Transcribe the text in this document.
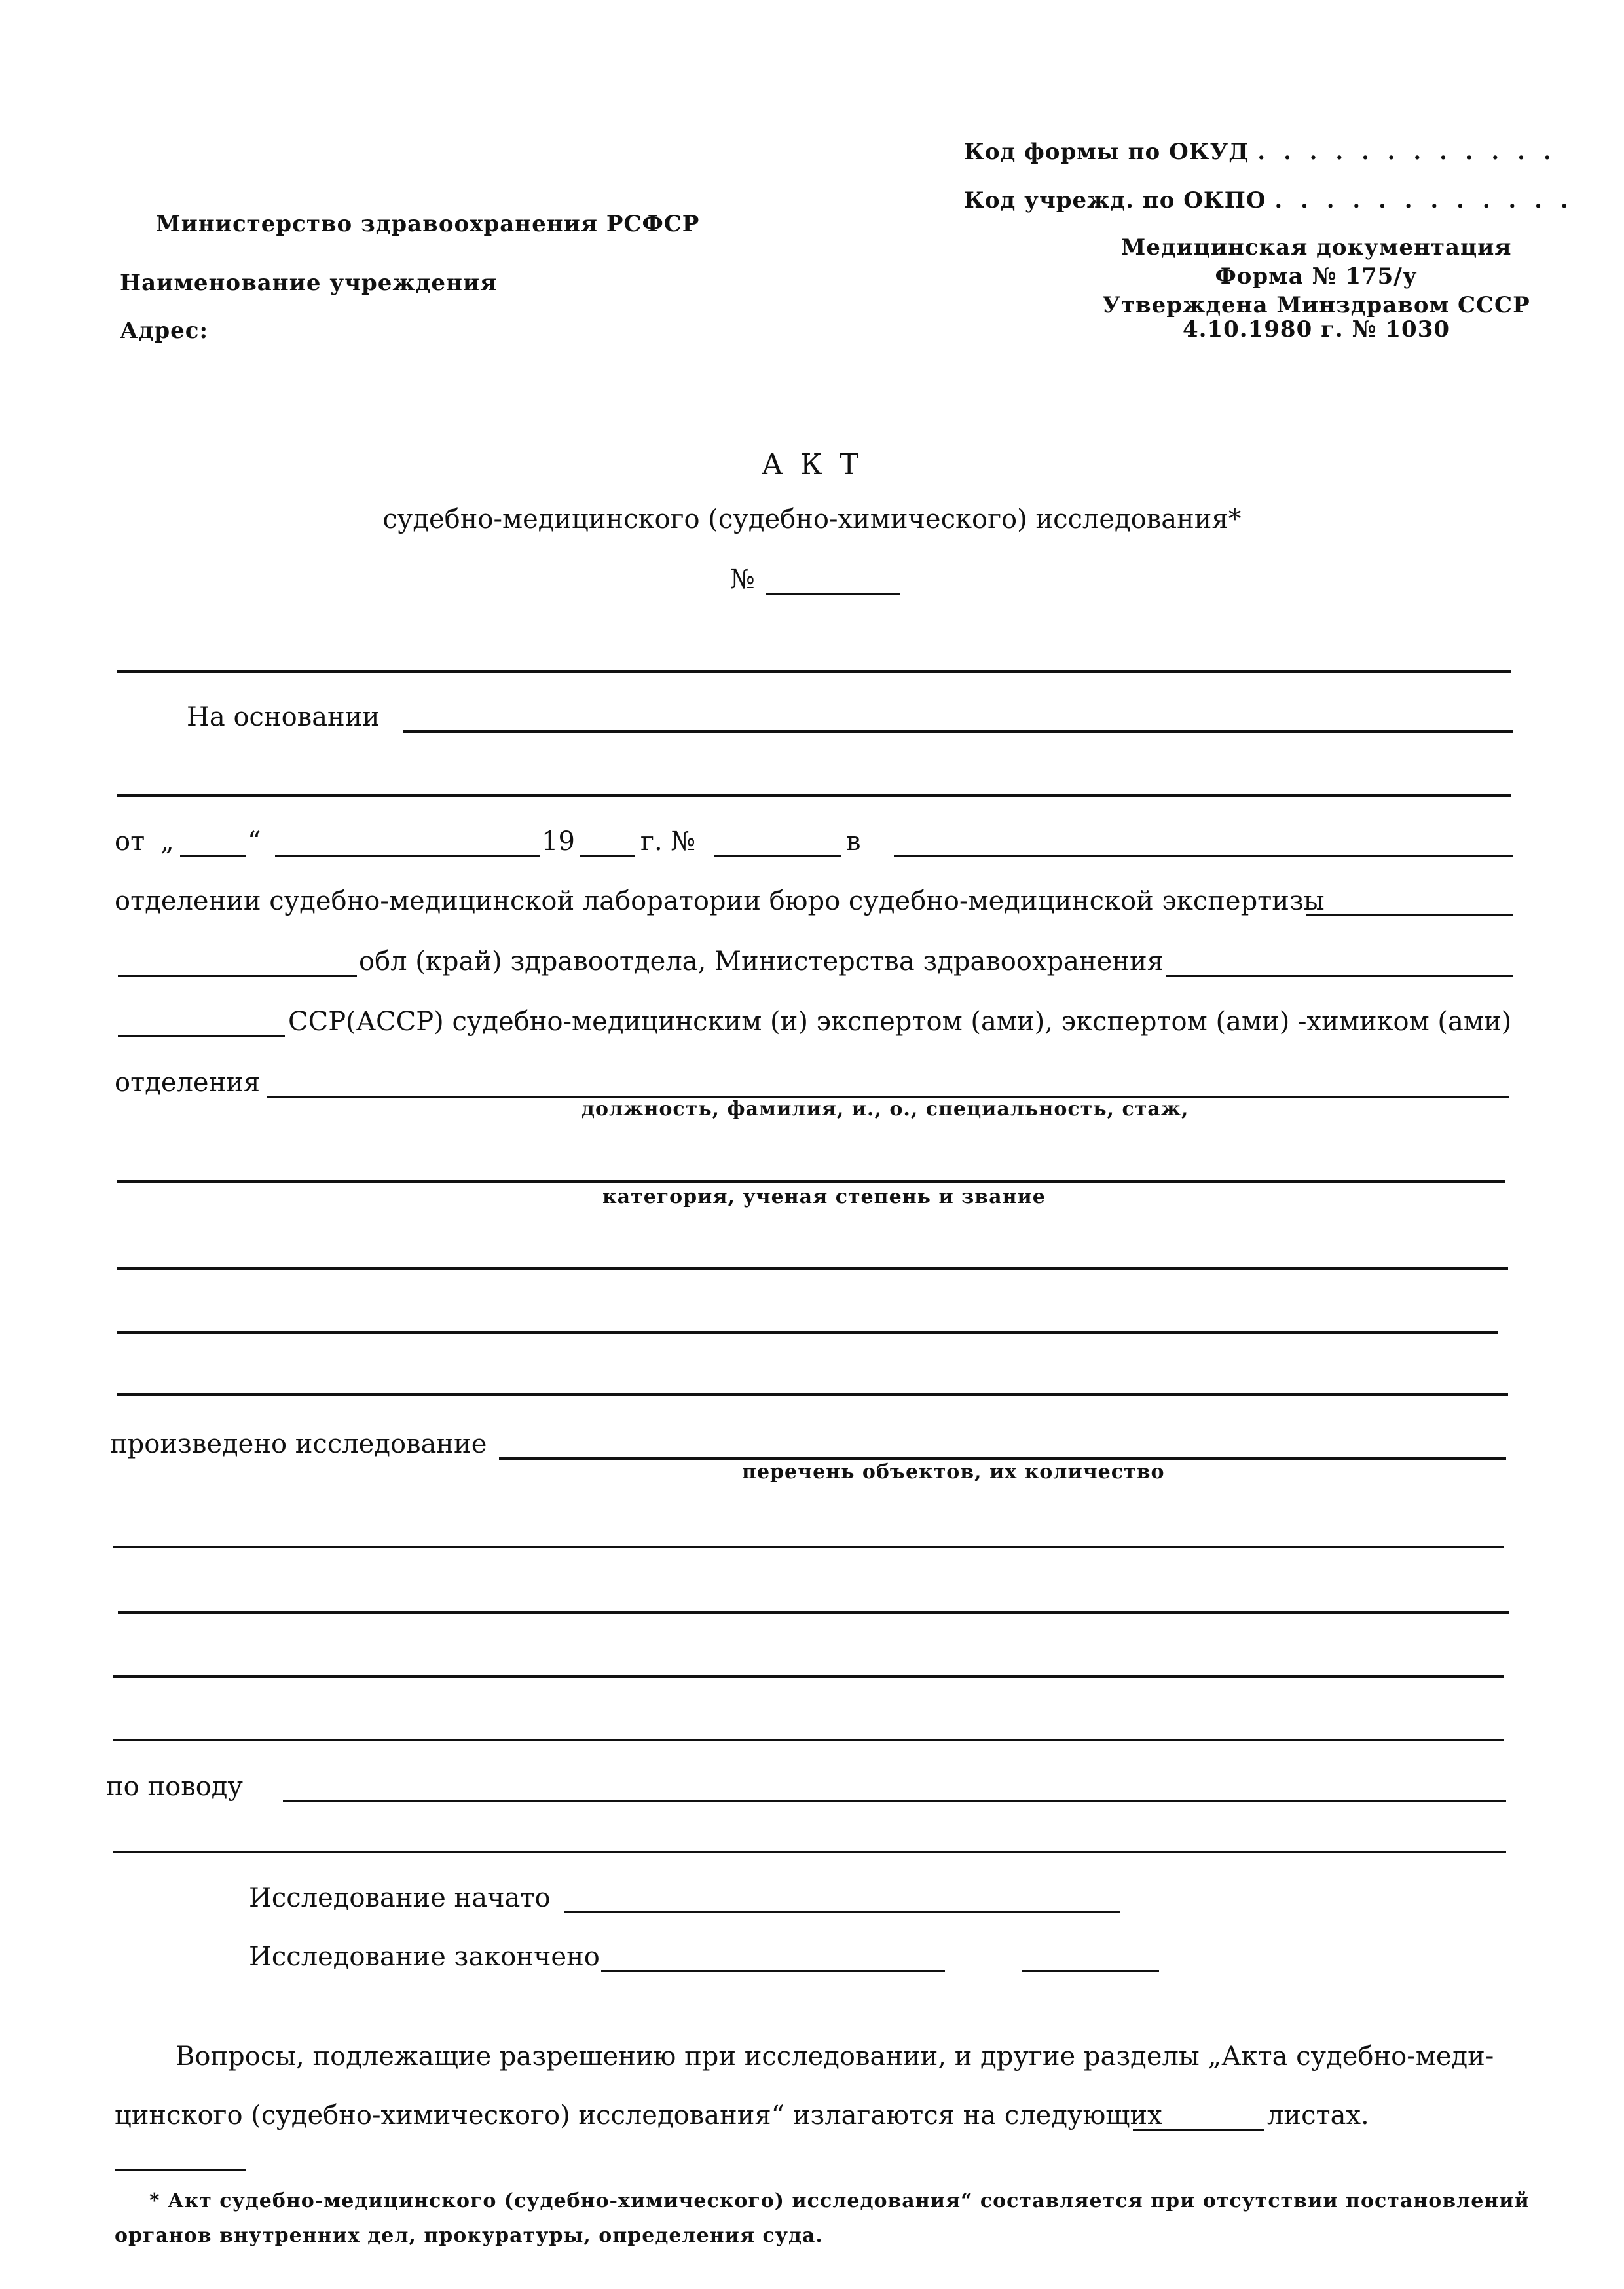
Министерство здравоохранения РСФСР
Наименование учреждения
Адрес:
Код формы по ОКУД . . . . . . . . . . . .
Код учрежд. по ОКПО . . . . . . . . . . . .
Медицинская документация
Форма № 175/у
Утверждена Минздравом СССР
4.10.1980 г. № 1030
А К Т
судебно-медицинского (судебно-химического) исследования*
№
На основании
от „	“	19	г. №	в
отделении судебно-медицинской лаборатории бюро судебно-медицинской экспертизы
обл (край) здравоотдела, Министерства здравоохранения
ССР(АССР) судебно-медицинским (и) экспертом (ами), экспертом (ами) -химиком (ами)
отделения
должность, фамилия, и., о., специальность, стаж,
категория, ученая степень и звание
произведено исследование
перечень объектов, их количество
по поводу
Исследование начато
Исследование закончено
Вопросы, подлежащие разрешению при исследовании, и другие разделы „Акта судебно-меди-
цинского (судебно-химического) исследования“ излагаются на следующих	листах.
* Акт судебно-медицинского (судебно-химического) исследования“ составляется при отсутствии постановлений
органов внутренних дел, прокуратуры, определения суда.
